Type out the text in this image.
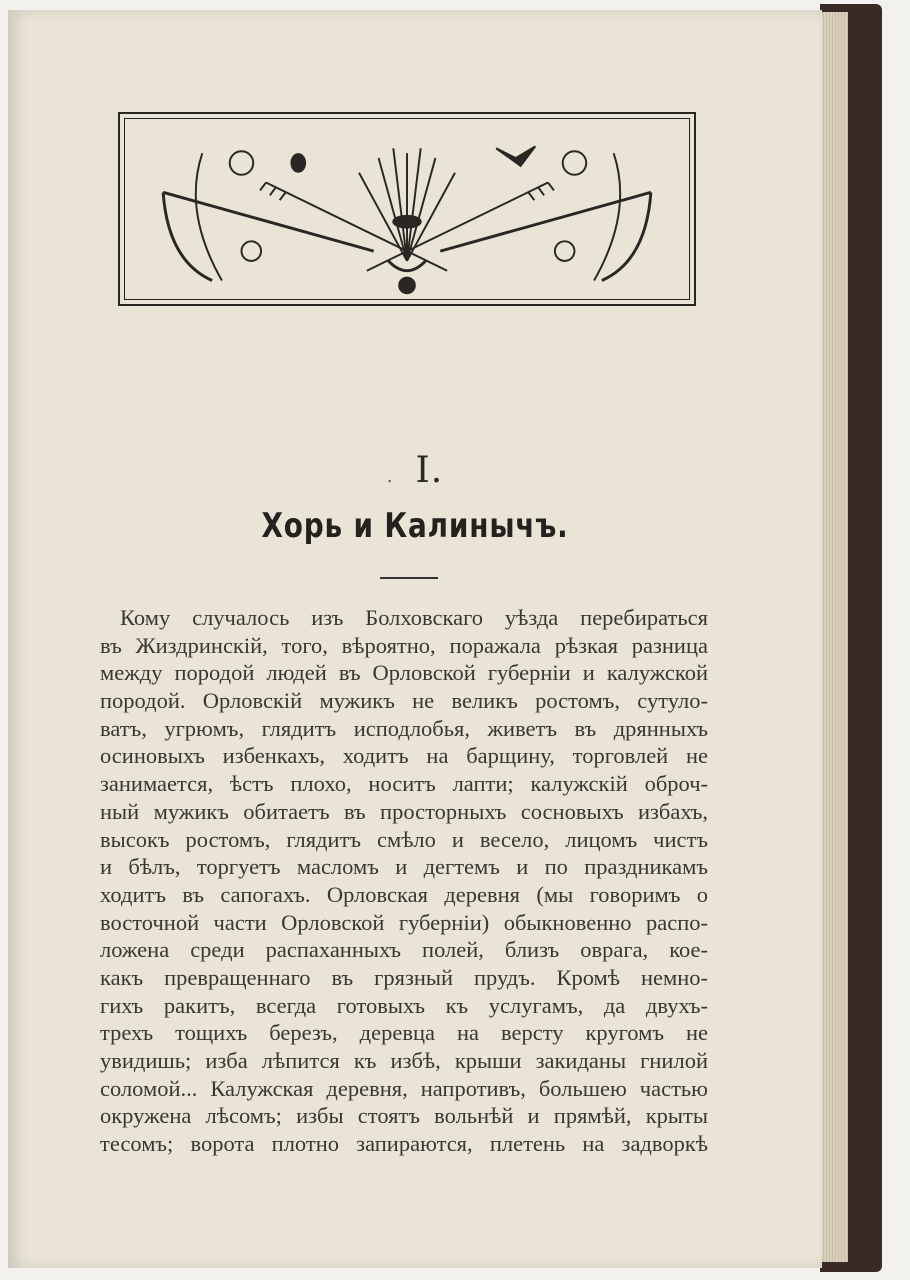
. I.
Хорь и Калинычъ.
Кому случалось изъ Болховскаго уѣзда перебираться
въ Жиздринскій, того, вѣроятно, поражала рѣзкая разница
между породой людей въ Орловской губерніи и калужской
породой. Орловскій мужикъ не великъ ростомъ, сутуло-
ватъ, угрюмъ, глядитъ исподлобья, живетъ въ дрянныхъ
осиновыхъ избенкахъ, ходитъ на барщину, торговлей не
занимается, ѣстъ плохо, носитъ лапти; калужскій оброч-
ный мужикъ обитаетъ въ просторныхъ сосновыхъ избахъ,
высокъ ростомъ, глядитъ смѣло и весело, лицомъ чистъ
и бѣлъ, торгуетъ масломъ и дегтемъ и по праздникамъ
ходитъ въ сапогахъ. Орловская деревня (мы говоримъ о
восточной части Орловской губерніи) обыкновенно распо-
ложена среди распаханныхъ полей, близъ оврага, кое-
какъ превращеннаго въ грязный прудъ. Кромѣ немно-
гихъ ракитъ, всегда готовыхъ къ услугамъ, да двухъ-
трехъ тощихъ березъ, деревца на версту кругомъ не
увидишь; изба лѣпится къ избѣ, крыши закиданы гнилой
соломой... Калужская деревня, напротивъ, большею частью
окружена лѣсомъ; избы стоятъ вольнѣй и прямѣй, крыты
тесомъ; ворота плотно запираются, плетень на задворкѣ
